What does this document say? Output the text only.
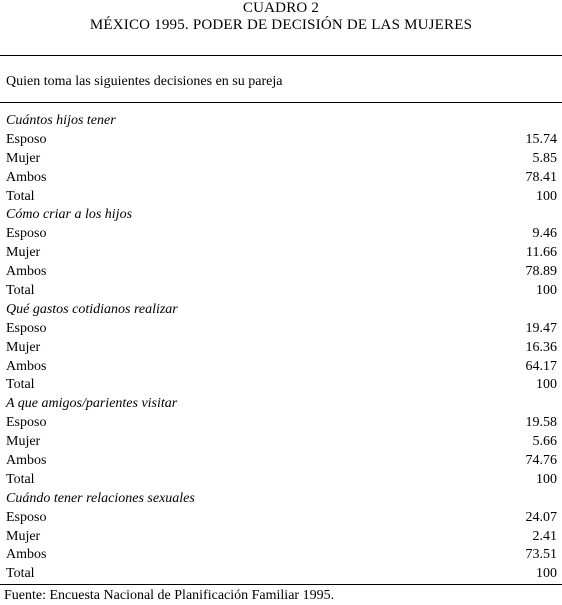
CUADRO 2
MÉXICO 1995. PODER DE DECISIÓN DE LAS MUJERES
Quien toma las siguientes decisiones en su pareja
Cuántos hijos tener
Esposo	15.74
Mujer	5.85
Ambos	78.41
Total	100
Cómo criar a los hijos
Esposo	9.46
Mujer	11.66
Ambos	78.89
Total	100
Qué gastos cotidianos realizar
Esposo	19.47
Mujer	16.36
Ambos	64.17
Total	100
A que amigos/parientes visitar
Esposo	19.58
Mujer	5.66
Ambos	74.76
Total	100
Cuándo tener relaciones sexuales
Esposo	24.07
Mujer	2.41
Ambos	73.51
Total	100
Fuente: Encuesta Nacional de Planificación Familiar 1995.
